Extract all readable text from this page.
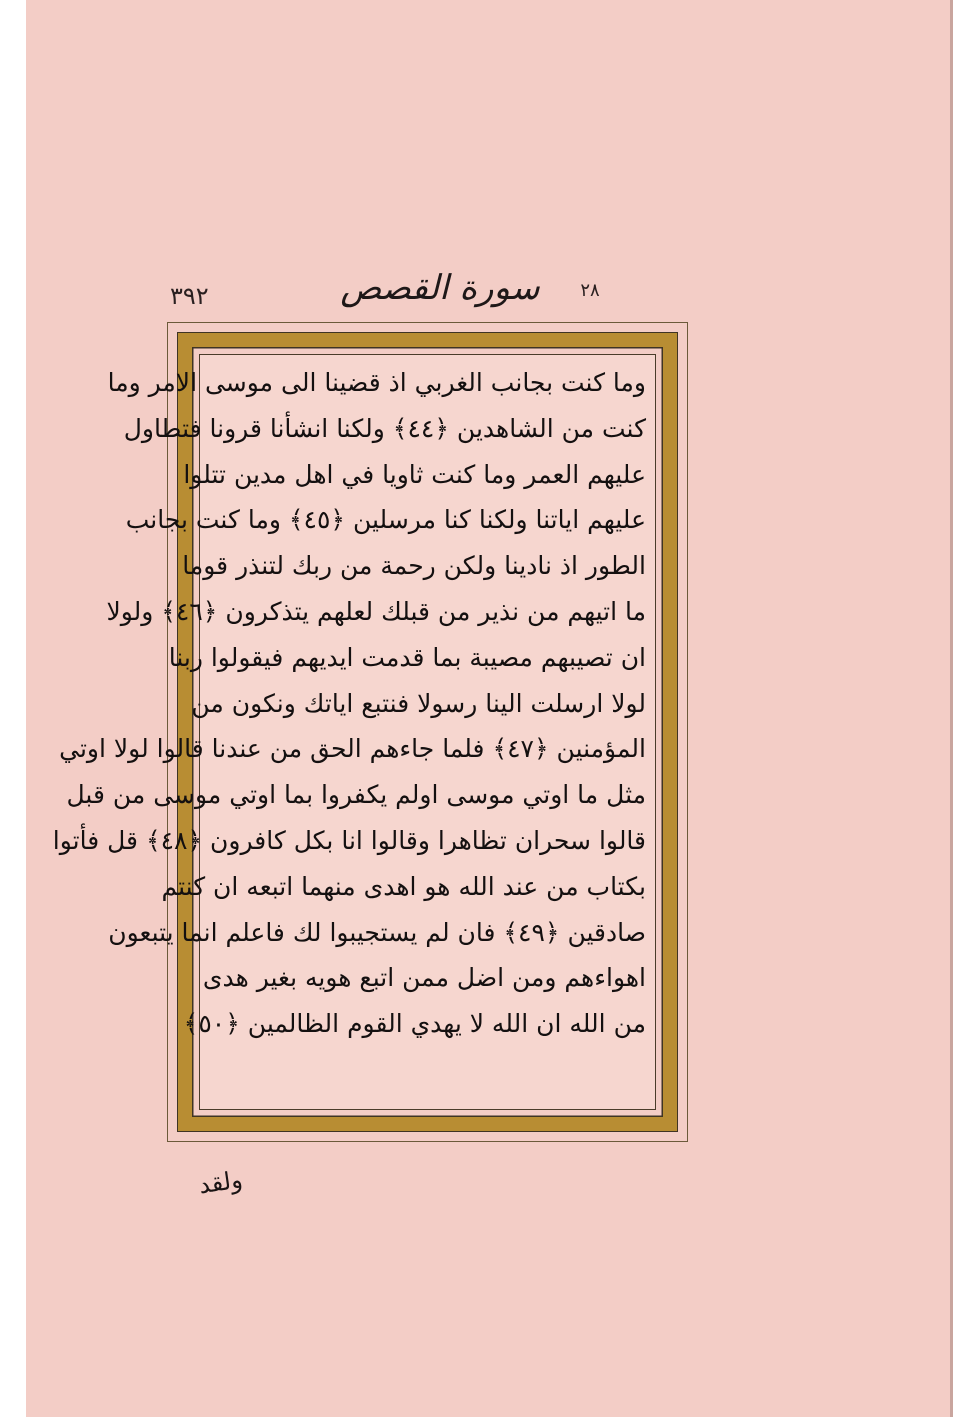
٣٩٢	سورة القصص	٢٨
وما كنت بجانب الغربي اذ قضينا الى موسى الامر وما
كنت من الشاهدين ﴿٤٤﴾ ولكنا انشأنا قرونا فتطاول
عليهم العمر وما كنت ثاويا في اهل مدين تتلوا
عليهم اياتنا ولكنا كنا مرسلين ﴿٤٥﴾ وما كنت بجانب
الطور اذ نادينا ولكن رحمة من ربك لتنذر قوما
ما اتيهم من نذير من قبلك لعلهم يتذكرون ﴿٤٦﴾ ولولا
ان تصيبهم مصيبة بما قدمت ايديهم فيقولوا ربنا
لولا ارسلت الينا رسولا فنتبع اياتك ونكون من
المؤمنين ﴿٤٧﴾ فلما جاءهم الحق من عندنا قالوا لولا اوتي
مثل ما اوتي موسى اولم يكفروا بما اوتي موسى من قبل
قالوا سحران تظاهرا وقالوا انا بكل كافرون ﴿٤٨﴾ قل فأتوا
بكتاب من عند الله هو اهدى منهما اتبعه ان كنتم
صادقين ﴿٤٩﴾ فان لم يستجيبوا لك فاعلم انما يتبعون
اهواءهم ومن اضل ممن اتبع هويه بغير هدى
من الله ان الله لا يهدي القوم الظالمين ﴿٥٠﴾
ولقد
